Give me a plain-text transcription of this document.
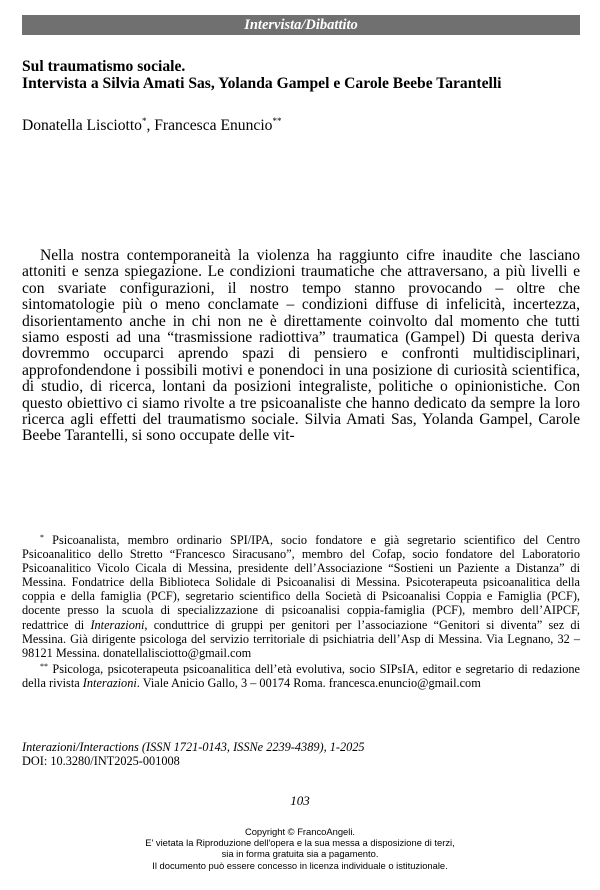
Intervista/Dibattito
Sul traumatismo sociale.
Intervista a Silvia Amati Sas, Yolanda Gampel e Carole Beebe Tarantelli
Donatella Lisciotto*, Francesca Enuncio**

Nella nostra contemporaneità la violenza ha raggiunto cifre inaudite che lasciano attoniti e senza spiegazione. Le condizioni traumatiche che attraversano, a più livelli e con svariate configurazioni, il nostro tempo stanno provocando – oltre che sintomatologie più o meno conclamate – condizioni diffuse di infelicità, incertezza, disorientamento anche in chi non ne è direttamente coinvolto dal momento che tutti siamo esposti ad una “trasmissione radiottiva” traumatica (Gampel) Di questa deriva dovremmo occuparci aprendo spazi di pensiero e confronti multidisciplinari, approfondendone i possibili motivi e ponendoci in una posizione di curiosità scientifica, di studio, di ricerca, lontani da posizioni integraliste, politiche o opinionistiche. Con questo obiettivo ci siamo rivolte a tre psicoanaliste che hanno dedicato da sempre la loro ricerca agli effetti del traumatismo sociale. Silvia Amati Sas, Yolanda Gampel, Carole Beebe Tarantelli, si sono occupate delle vit-

* Psicoanalista, membro ordinario SPI/IPA, socio fondatore e già segretario scientifico del Centro Psicoanalitico dello Stretto “Francesco Siracusano”, membro del Cofap, socio fondatore del Laboratorio Psicoanalitico Vicolo Cicala di Messina, presidente dell’Associazione “Sostieni un Paziente a Distanza” di Messina. Fondatrice della Biblioteca Solidale di Psicoanalisi di Messina. Psicoterapeuta psicoanalitica della coppia e della famiglia (PCF), segretario scientifico della Società di Psicoanalisi Coppia e Famiglia (PCF), docente presso la scuola di specializzazione di psicoanalisi coppia-famiglia (PCF), membro dell’AIPCF, redattrice di Interazioni, conduttrice di gruppi per genitori per l’associazione “Genitori si diventa” sez di Messina. Già dirigente psicologa del servizio territoriale di psichiatria dell’Asp di Messina. Via Legnano, 32 – 98121 Messina. donatellalisciotto@gmail.com

** Psicologa, psicoterapeuta psicoanalitica dell’età evolutiva, socio SIPsIA, editor e segretario di redazione della rivista Interazioni. Viale Anicio Gallo, 3 – 00174 Roma. francesca.enuncio@gmail.com

Interazioni/Interactions (ISSN 1721-0143, ISSNe 2239-4389), 1-2025
DOI: 10.3280/INT2025-001008
103
Copyright © FrancoAngeli.
E' vietata la Riproduzione dell'opera e la sua messa a disposizione di terzi,
sia in forma gratuita sia a pagamento.
Il documento può essere concesso in licenza individuale o istituzionale.
